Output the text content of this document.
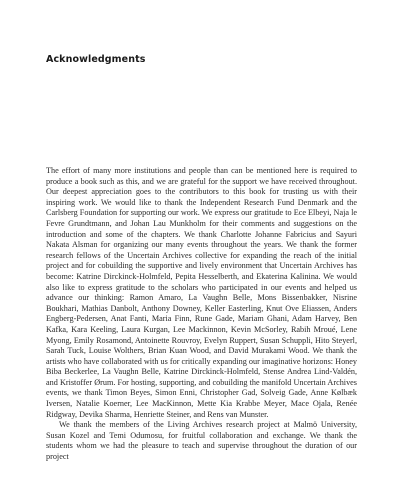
Acknowledgments

The effort of many more institutions and people than can be mentioned here is required to produce a book such as this, and we are grateful for the support we have received throughout. Our deepest appreciation goes to the contributors to this book for trusting us with their inspiring work. We would like to thank the Independent Research Fund Denmark and the Carlsberg Foundation for supporting our work. We express our gratitude to Ece Elbeyi, Naja le Fevre Grundtmann, and Johan Lau Munkholm for their comments and suggestions on the introduction and some of the chapters. We thank Charlotte Johanne Fabricius and Sayuri Nakata Alsman for organizing our many events throughout the years. We thank the former research fellows of the Uncertain Archives collective for expanding the reach of the initial project and for cobuilding the supportive and lively environment that Uncertain Archives has become: Katrine Dirckinck-Holmfeld, Pepita Hesselberth, and Ekaterina Kalinina. We would also like to express gratitude to the scholars who participated in our events and helped us advance our thinking: Ramon Amaro, La Vaughn Belle, Mons Bissenbakker, Nisrine Boukhari, Mathias Danbolt, Anthony Downey, Keller Easterling, Knut Ove Eliassen, Anders Engberg-Pedersen, Anat Fanti, Maria Finn, Rune Gade, Mariam Ghani, Adam Harvey, Ben Kafka, Kara Keeling, Laura Kurgan, Lee Mackinnon, Kevin McSorley, Rabih Mroué, Lene Myong, Emily Rosamond, Antoinette Rouvroy, Evelyn Ruppert, Susan Schuppli, Hito Steyerl, Sarah Tuck, Louise Wolthers, Brian Kuan Wood, and David Murakami Wood. We thank the artists who have collaborated with us for critically expanding our imaginative horizons: Honey Biba Beckerlee, La Vaughn Belle, Katrine Dirckinck-Holmfeld, Stense Andrea Lind-Valdén, and Kristoffer Ørum. For hosting, supporting, and cobuilding the manifold Uncertain Archives events, we thank Timon Beyes, Simon Enni, Christopher Gad, Solveig Gade, Anne Kølbæk Iversen, Natalie Koerner, Lee MacKinnon, Mette Kia Krabbe Meyer, Mace Ojala, Renée Ridgway, Devika Sharma, Henriette Steiner, and Rens van Munster.

We thank the members of the Living Archives research project at Malmö University, Susan Kozel and Temi Odumosu, for fruitful collaboration and exchange. We thank the students whom we had the pleasure to teach and supervise throughout the duration of our project
